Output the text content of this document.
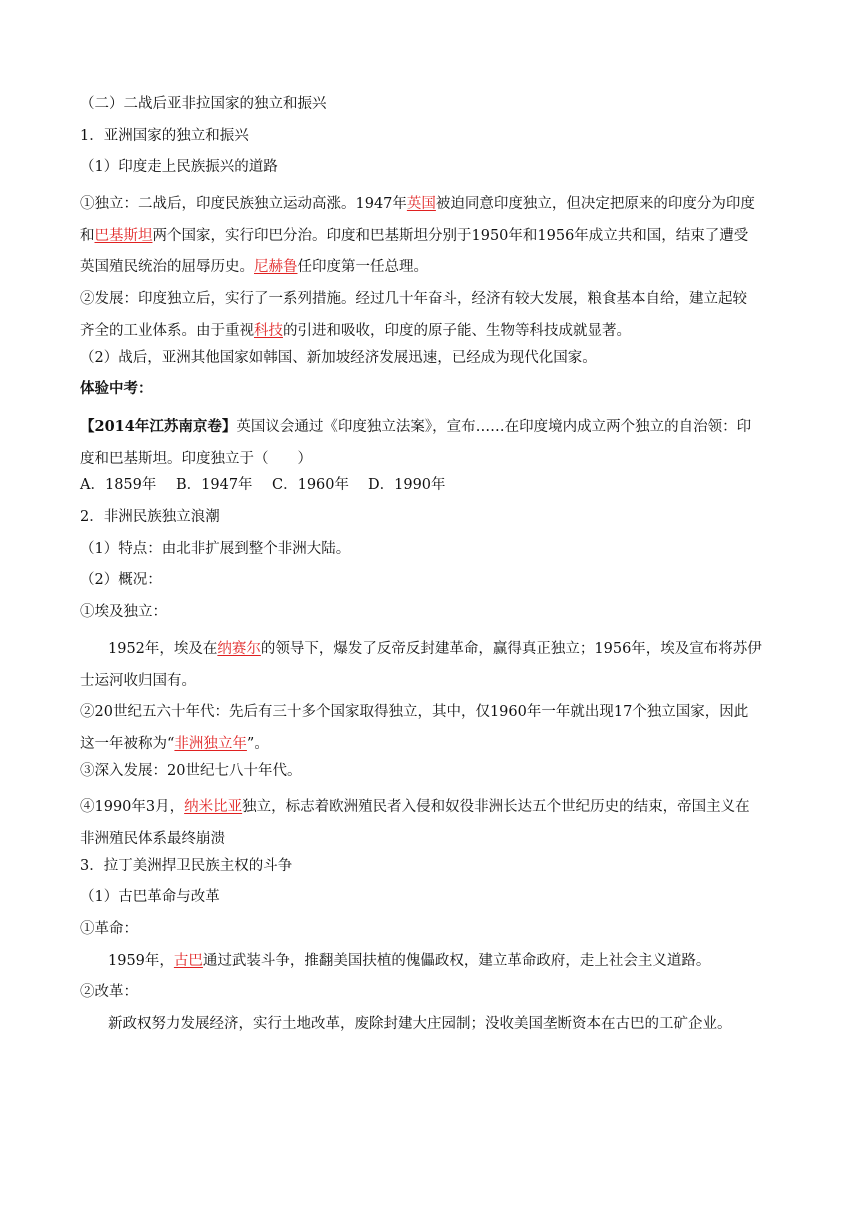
（二）二战后亚非拉国家的独立和振兴
1．亚洲国家的独立和振兴
（1）印度走上民族振兴的道路
①独立：二战后，印度民族独立运动高涨。1947年英国被迫同意印度独立，但决定把原来的印度分为印度
和巴基斯坦两个国家，实行印巴分治。印度和巴基斯坦分别于1950年和1956年成立共和国，结束了遭受
英国殖民统治的屈辱历史。尼赫鲁任印度第一任总理。
②发展：印度独立后，实行了一系列措施。经过几十年奋斗，经济有较大发展，粮食基本自给，建立起较
齐全的工业体系。由于重视科技的引进和吸收，印度的原子能、生物等科技成就显著。
（2）战后，亚洲其他国家如韩国、新加坡经济发展迅速，已经成为现代化国家。
体验中考：
【2014年江苏南京卷】英国议会通过《印度独立法案》，宣布……在印度境内成立两个独立的自治领：印
度和巴基斯坦。印度独立于（　　）
A．1859年 B．1947年 C．1960年 D．1990年
2．非洲民族独立浪潮
（1）特点：由北非扩展到整个非洲大陆。
（2）概况：
①埃及独立：
1952年，埃及在纳赛尔的领导下，爆发了反帝反封建革命，赢得真正独立；1956年，埃及宣布将苏伊
士运河收归国有。
②20世纪五六十年代：先后有三十多个国家取得独立，其中，仅1960年一年就出现17个独立国家，因此
这一年被称为“非洲独立年”。
③深入发展：20世纪七八十年代。
④1990年3月，纳米比亚独立，标志着欧洲殖民者入侵和奴役非洲长达五个世纪历史的结束，帝国主义在
非洲殖民体系最终崩溃
3．拉丁美洲捍卫民族主权的斗争
（1）古巴革命与改革
①革命：
1959年，古巴通过武装斗争，推翻美国扶植的傀儡政权，建立革命政府，走上社会主义道路。
②改革：
新政权努力发展经济，实行土地改革，废除封建大庄园制；没收美国垄断资本在古巴的工矿企业。
